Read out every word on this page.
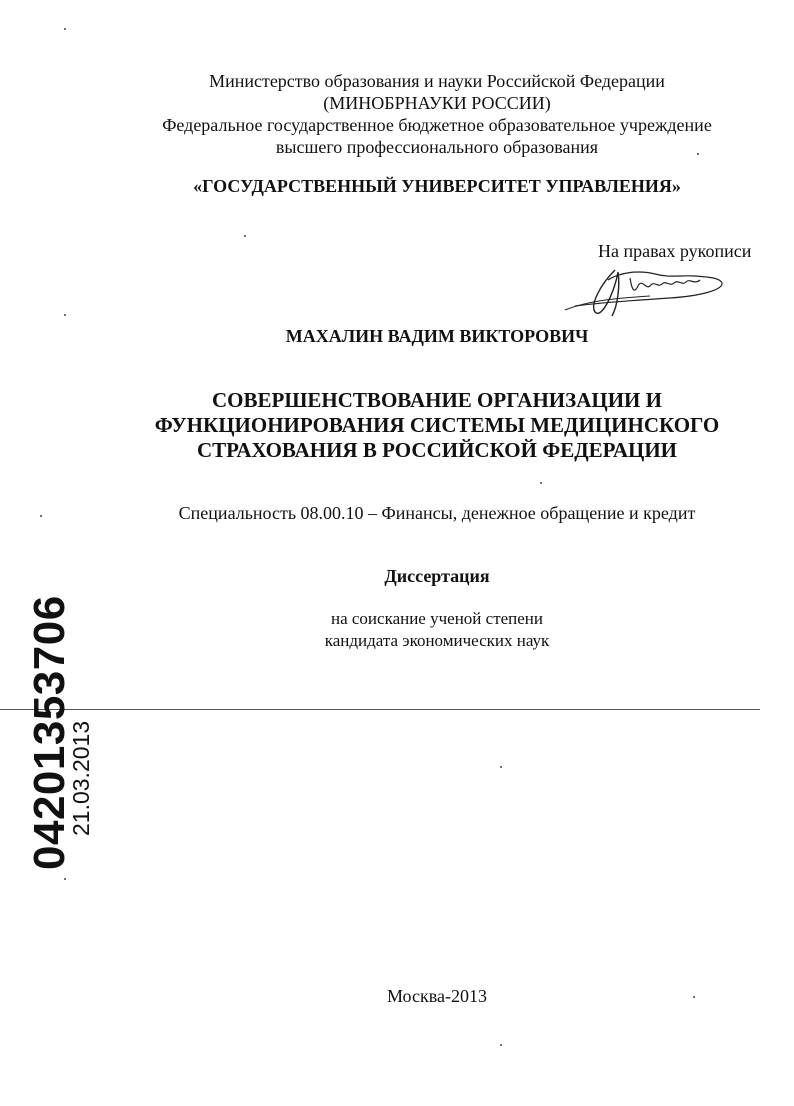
Министерство образования и науки Российской Федерации
(МИНОБРНАУКИ РОССИИ)
Федеральное государственное бюджетное образовательное учреждение
высшего профессионального образования
«ГОСУДАРСТВЕННЫЙ УНИВЕРСИТЕТ УПРАВЛЕНИЯ»
На правах рукописи
МАХАЛИН ВАДИМ ВИКТОРОВИЧ
СОВЕРШЕНСТВОВАНИЕ ОРГАНИЗАЦИИ И
ФУНКЦИОНИРОВАНИЯ СИСТЕМЫ МЕДИЦИНСКОГО
СТРАХОВАНИЯ В РОССИЙСКОЙ ФЕДЕРАЦИИ
Специальность 08.00.10 – Финансы, денежное обращение и кредит
Диссертация
на соискание ученой степени
кандидата экономических наук
04201353706
21.03.2013
Москва-2013
